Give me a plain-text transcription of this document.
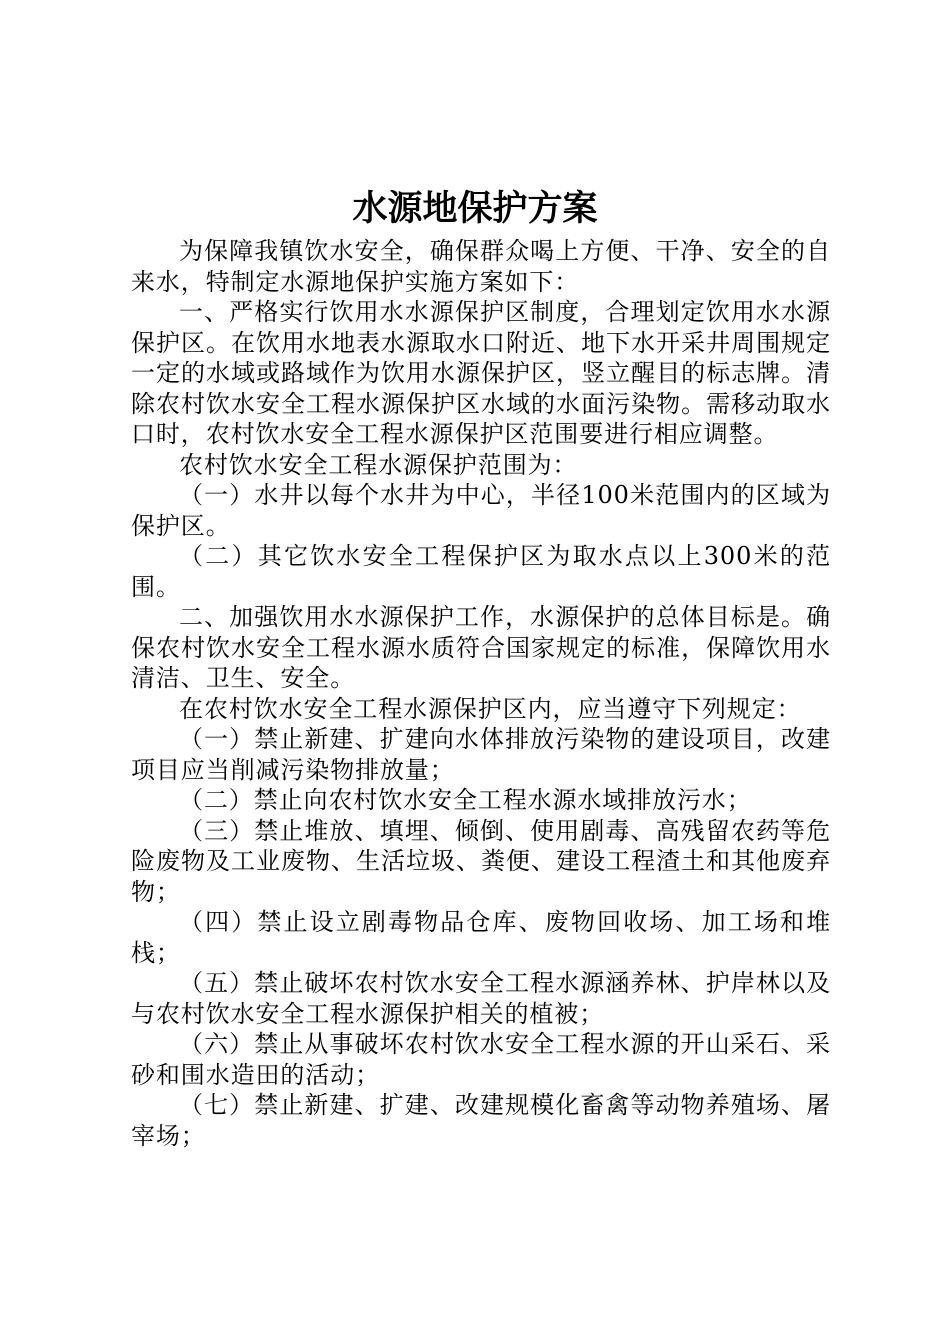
水源地保护方案

为保障我镇饮水安全，确保群众喝上方便、干净、安全的自来水，特制定水源地保护实施方案如下：

一、严格实行饮用水水源保护区制度，合理划定饮用水水源保护区。在饮用水地表水源取水口附近、地下水开采井周围规定一定的水域或路域作为饮用水源保护区，竖立醒目的标志牌。清除农村饮水安全工程水源保护区水域的水面污染物。需移动取水口时，农村饮水安全工程水源保护区范围要进行相应调整。

农村饮水安全工程水源保护范围为：

（一）水井以每个水井为中心，半径100米范围内的区域为保护区。

（二）其它饮水安全工程保护区为取水点以上300米的范围。

二、加强饮用水水源保护工作，水源保护的总体目标是。确保农村饮水安全工程水源水质符合国家规定的标准，保障饮用水清洁、卫生、安全。

在农村饮水安全工程水源保护区内，应当遵守下列规定：

（一）禁止新建、扩建向水体排放污染物的建设项目，改建项目应当削减污染物排放量；

（二）禁止向农村饮水安全工程水源水域排放污水；

（三）禁止堆放、填埋、倾倒、使用剧毒、高残留农药等危险废物及工业废物、生活垃圾、粪便、建设工程渣土和其他废弃物；

（四）禁止设立剧毒物品仓库、废物回收场、加工场和堆栈；

（五）禁止破坏农村饮水安全工程水源涵养林、护岸林以及与农村饮水安全工程水源保护相关的植被；

（六）禁止从事破坏农村饮水安全工程水源的开山采石、采砂和围水造田的活动；

（七）禁止新建、扩建、改建规模化畜禽等动物养殖场、屠宰场；
